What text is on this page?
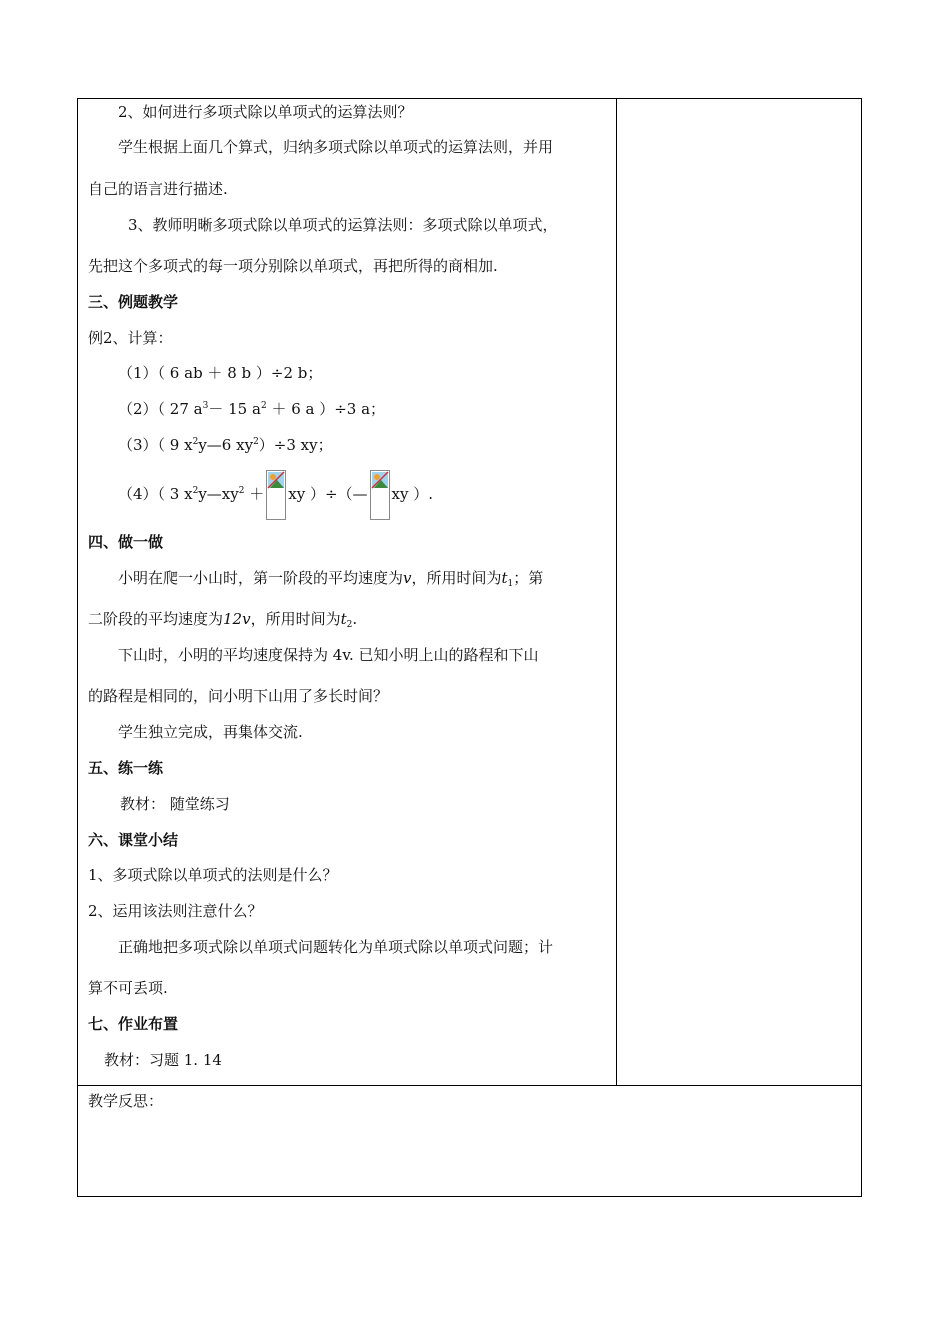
2、如何进行多项式除以单项式的运算法则？
学生根据上面几个算式，归纳多项式除以单项式的运算法则，并用
自己的语言进行描述.
3、教师明晰多项式除以单项式的运算法则：多项式除以单项式，
先把这个多项式的每一项分别除以单项式，再把所得的商相加.
三、例题教学
例2、计算：
（1）（ 6 ab ＋ 8 b ）÷2 b；
（2）（ 27 $a^3- 15$ $a^2 + 6$ a ）÷3 a；
（3）（ 9 $x^2y—6$ $xy^2)\div 3$ xy；
（4）（ 3 $x^2y—xy^2$ ＋ xy ）÷（— xy ）.
四、做一做
小明在爬一小山时，第一阶段的平均速度为v，所用时间为$t_1$；第
二阶段的平均速度为12v，所用时间为$t_2$.
下山时，小明的平均速度保持为 4v. 已知小明上山的路程和下山
的路程是相同的，问小明下山用了多长时间？
学生独立完成，再集体交流.
五、练一练
教材： 随堂练习
六、课堂小结
1、多项式除以单项式的法则是什么？
2、运用该法则注意什么？
正确地把多项式除以单项式问题转化为单项式除以单项式问题；计
算不可丢项.
七、作业布置
教材：习题 1. 14
教学反思：
